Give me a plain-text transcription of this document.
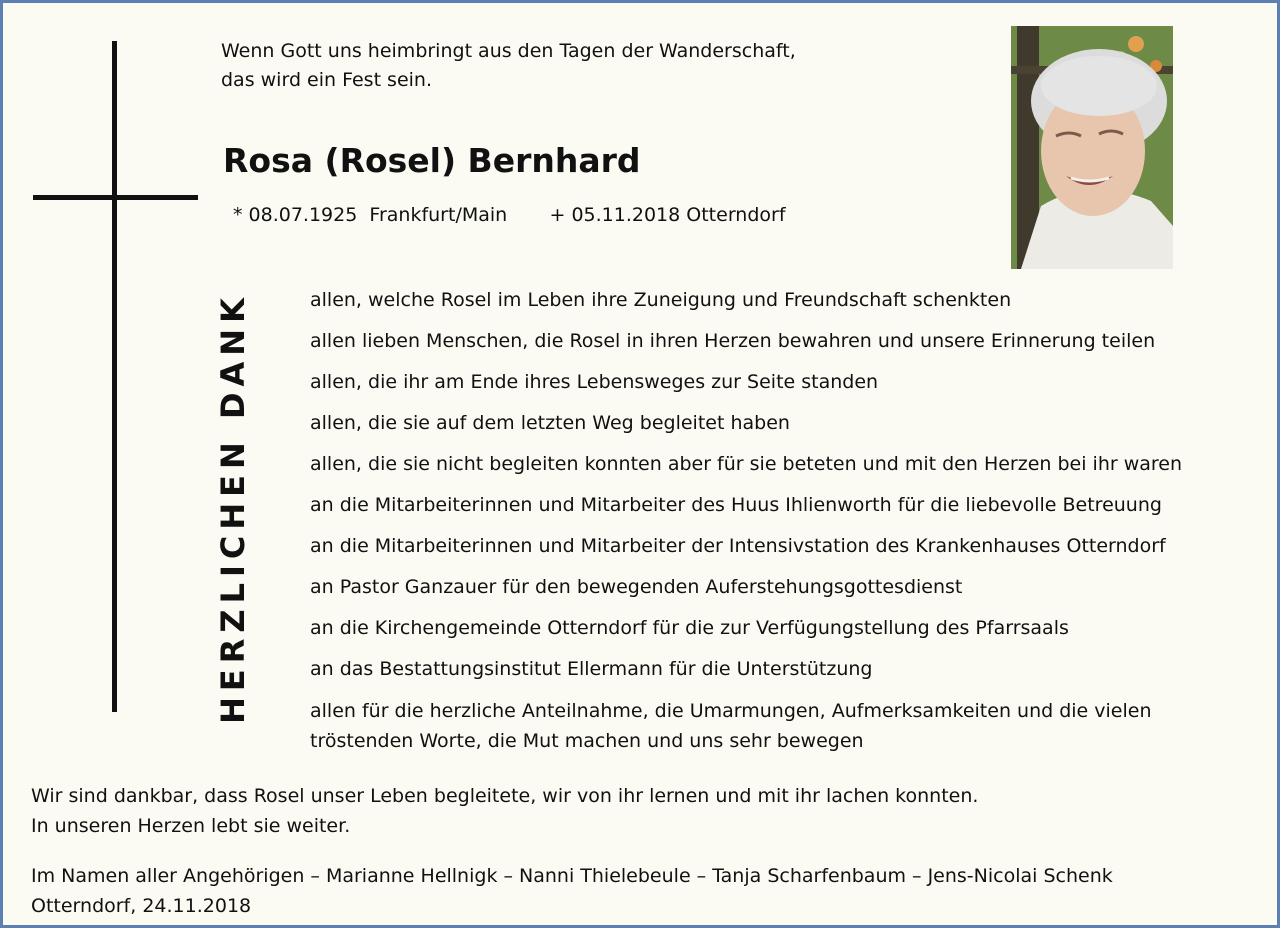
HERZLICHEN DANK
Wenn Gott uns heimbringt aus den Tagen der Wanderschaft,
das wird ein Fest sein.
Rosa (Rosel) Bernhard
* 08.07.1925  Frankfurt/Main + 05.11.2018 Otterndorf
allen, welche Rosel im Leben ihre Zuneigung und Freundschaft schenkten
allen lieben Menschen, die Rosel in ihren Herzen bewahren und unsere Erinnerung teilen
allen, die ihr am Ende ihres Lebensweges zur Seite standen
allen, die sie auf dem letzten Weg begleitet haben
allen, die sie nicht begleiten konnten aber für sie beteten und mit den Herzen bei ihr waren
an die Mitarbeiterinnen und Mitarbeiter des Huus Ihlienworth für die liebevolle Betreuung
an die Mitarbeiterinnen und Mitarbeiter der Intensivstation des Krankenhauses Otterndorf
an Pastor Ganzauer für den bewegenden Auferstehungsgottesdienst
an die Kirchengemeinde Otterndorf für die zur Verfügungstellung des Pfarrsaals
an das Bestattungsinstitut Ellermann für die Unterstützung
allen für die herzliche Anteilnahme, die Umarmungen, Aufmerksamkeiten und die vielen
tröstenden Worte, die Mut machen und uns sehr bewegen
Wir sind dankbar, dass Rosel unser Leben begleitete, wir von ihr lernen und mit ihr lachen konnten.
In unseren Herzen lebt sie weiter.
Im Namen aller Angehörigen – Marianne Hellnigk – Nanni Thielebeule – Tanja Scharfenbaum – Jens-Nicolai Schenk
Otterndorf, 24.11.2018
